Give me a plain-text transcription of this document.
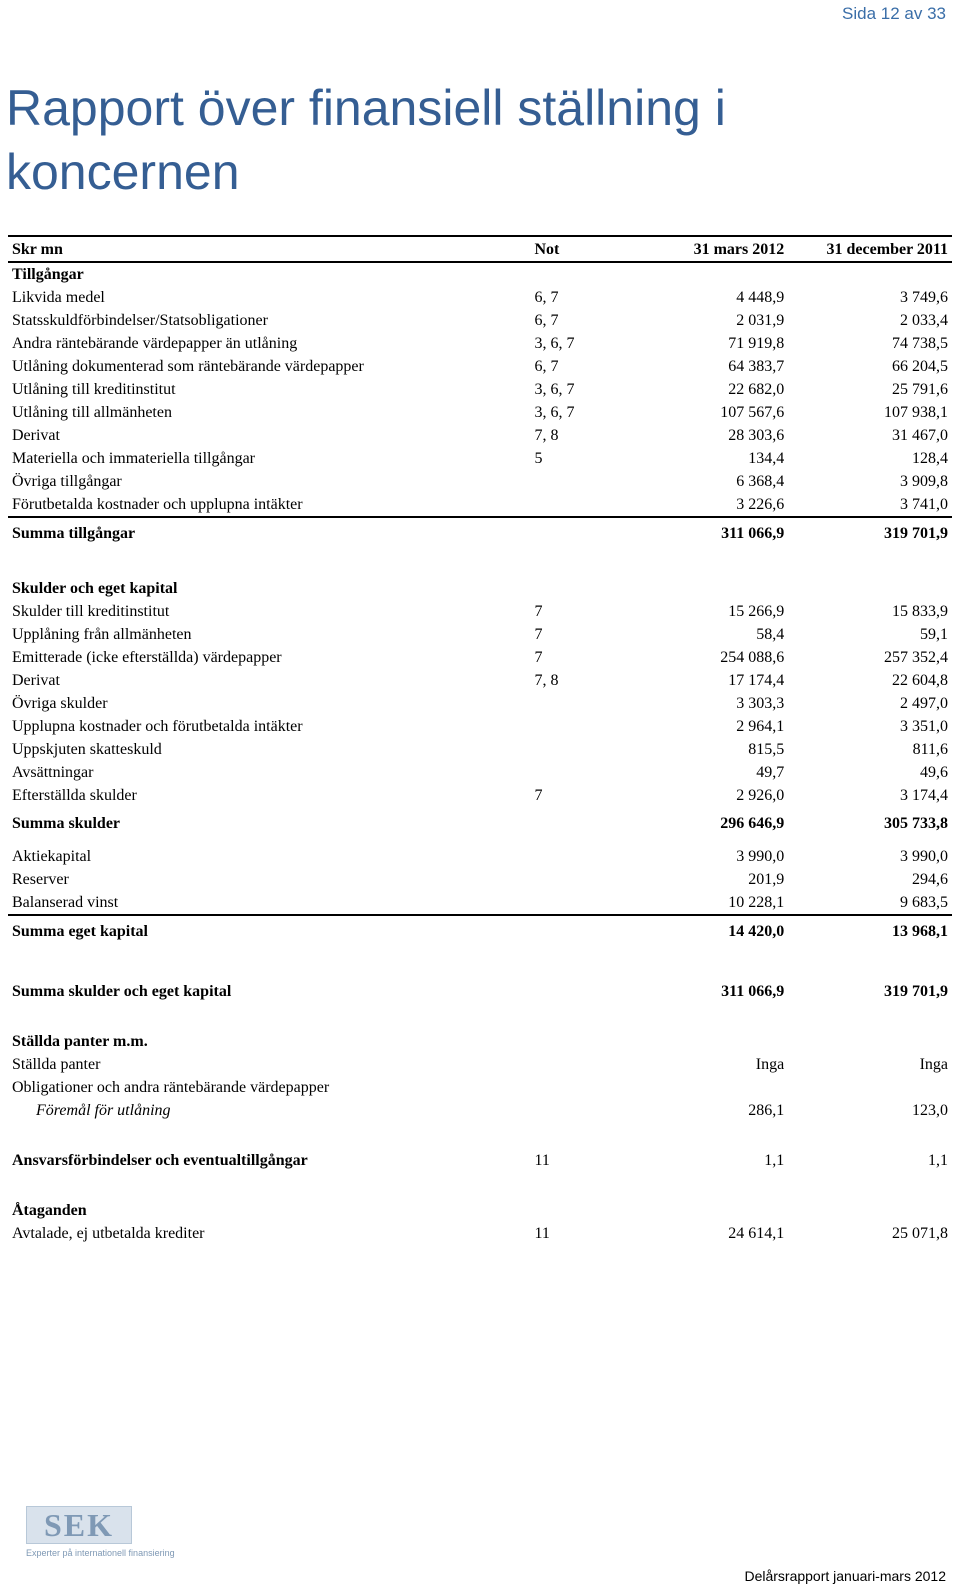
Sida 12 av 33
Rapport över finansiell ställning i koncernen
Skr mn	Not	31 mars 2012	31 december 2011
Tillgångar			
Likvida medel	6, 7	4 448,9	3 749,6
Statsskuldförbindelser/Statsobligationer	6, 7	2 031,9	2 033,4
Andra räntebärande värdepapper än utlåning	3, 6, 7	71 919,8	74 738,5
Utlåning dokumenterad som räntebärande värdepapper	6, 7	64 383,7	66 204,5
Utlåning till kreditinstitut	3, 6, 7	22 682,0	25 791,6
Utlåning till allmänheten	3, 6, 7	107 567,6	107 938,1
Derivat	7, 8	28 303,6	31 467,0
Materiella och immateriella tillgångar	5	134,4	128,4
Övriga tillgångar		6 368,4	3 909,8
Förutbetalda kostnader och upplupna intäkter		3 226,6	3 741,0
Summa tillgångar		311 066,9	319 701,9

Skulder och eget kapital			
Skulder till kreditinstitut	7	15 266,9	15 833,9
Upplåning från allmänheten	7	58,4	59,1
Emitterade (icke efterställda) värdepapper	7	254 088,6	257 352,4
Derivat	7, 8	17 174,4	22 604,8
Övriga skulder		3 303,3	2 497,0
Upplupna kostnader och förutbetalda intäkter		2 964,1	3 351,0
Uppskjuten skatteskuld		815,5	811,6
Avsättningar		49,7	49,6
Efterställda skulder	7	2 926,0	3 174,4
Summa skulder		296 646,9	305 733,8

Aktiekapital		3 990,0	3 990,0
Reserver		201,9	294,6
Balanserad vinst		10 228,1	9 683,5
Summa eget kapital		14 420,0	13 968,1

Summa skulder och eget kapital		311 066,9	319 701,9

Ställda panter m.m.			
Ställda panter		Inga	Inga
Obligationer och andra räntebärande värdepapper			
Föremål för utlåning		286,1	123,0

Ansvarsförbindelser och eventualtillgångar	11	1,1	1,1

Åtaganden			
Avtalade, ej utbetalda krediter	11	24 614,1	25 071,8
SEK
Experter på internationell finansiering
Delårsrapport januari-mars 2012
